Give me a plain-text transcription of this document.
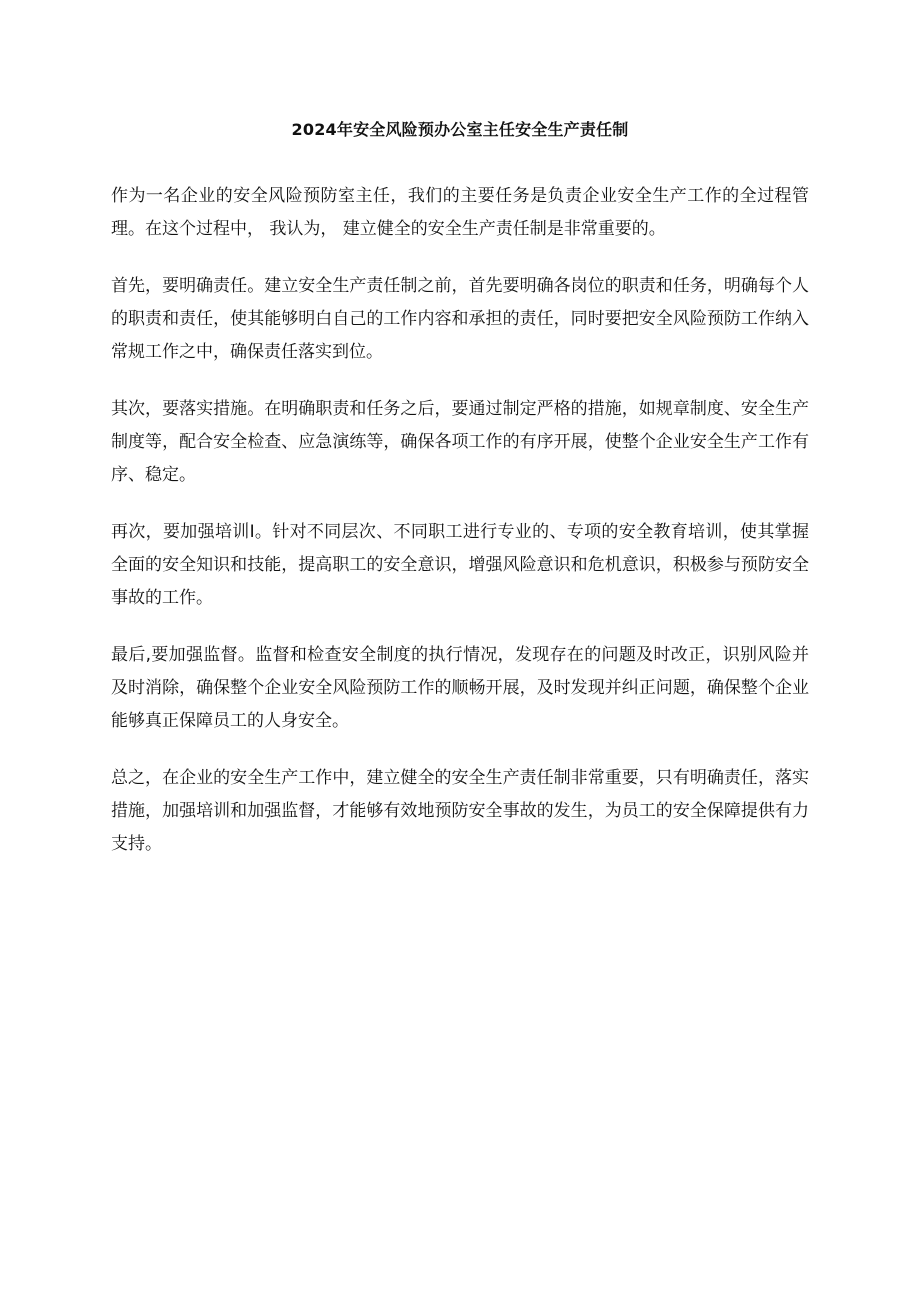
2024年安全风险预办公室主任安全生产责任制

作为一名企业的安全风险预防室主任，我们的主要任务是负责企业安全生产工作的全过程管理。在这个过程中， 我认为， 建立健全的安全生产责任制是非常重要的。

首先，要明确责任。建立安全生产责任制之前，首先要明确各岗位的职责和任务，明确每个人的职责和责任，使其能够明白自己的工作内容和承担的责任，同时要把安全风险预防工作纳入常规工作之中，确保责任落实到位。

其次，要落实措施。在明确职责和任务之后，要通过制定严格的措施，如规章制度、安全生产制度等，配合安全检查、应急演练等，确保各项工作的有序开展，使整个企业安全生产工作有序、稳定。

再次，要加强培训Ⅰ。针对不同层次、不同职工进行专业的、专项的安全教育培训，使其掌握全面的安全知识和技能，提高职工的安全意识，增强风险意识和危机意识，积极参与预防安全事故的工作。

最后,要加强监督。监督和检查安全制度的执行情况，发现存在的问题及时改正，识别风险并及时消除，确保整个企业安全风险预防工作的顺畅开展，及时发现并纠正问题，确保整个企业能够真正保障员工的人身安全。

总之，在企业的安全生产工作中，建立健全的安全生产责任制非常重要，只有明确责任，落实措施，加强培训和加强监督，才能够有效地预防安全事故的发生，为员工的安全保障提供有力支持。
